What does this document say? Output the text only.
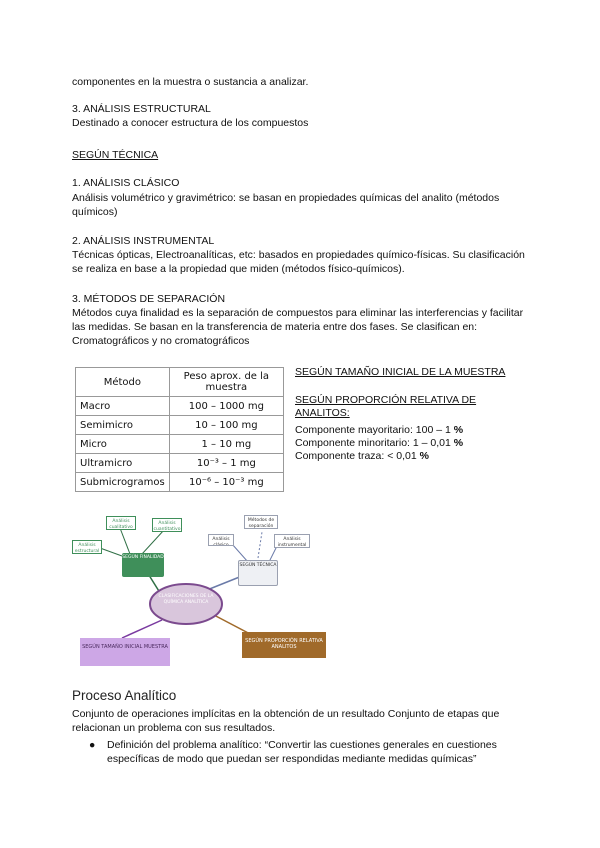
componentes en la muestra o sustancia a analizar.

3. ANÁLISIS ESTRUCTURAL

Destinado a conocer estructura de los compuestos

SEGÚN TÉCNICA

1. ANÁLISIS CLÁSICO

Análisis volumétrico y gravimétrico: se basan en propiedades químicas del analito (métodos químicos)

2. ANÁLISIS INSTRUMENTAL

Técnicas ópticas, Electroanalíticas, etc: basados en propiedades químico-físicas. Su clasificación se realiza en base a la propiedad que miden (métodos físico-químicos).

3. MÉTODOS DE SEPARACIÓN

Métodos cuya finalidad es la separación de compuestos para eliminar las interferencias y facilitar las medidas. Se basan en la transferencia de materia entre dos fases. Se clasifican en: Cromatográficos y no cromatográficos

Método	Peso aprox. de la muestra
Macro	100 – 1000 mg
Semimicro	10 – 100 mg
Micro	1 – 10 mg
Ultramicro	10⁻³ – 1 mg
Submicrogramos	10⁻⁶ – 10⁻³ mg
SEGÚN TAMAÑO INICIAL DE LA MUESTRA
SEGÚN PROPORCIÓN RELATIVA DE
ANALITOS:
Componente mayoritario: 100 – 1 %
Componente minoritario: 1 – 0,01 %
Componente traza: < 0,01 %
CLASIFICACIONES DE LA QUÍMICA ANALÍTICA
SEGÚN FINALIDAD
Análisis cualitativo
Análisis cuantitativo
Análisis estructural
SEGÚN TÉCNICA
Análisis clásico
Métodos de separación
Análisis instrumental
SEGÚN TAMAÑO INICIAL MUESTRA
SEGÚN PROPORCIÓN RELATIVA ANALITOS
Proceso Analítico

Conjunto de operaciones implícitas en la obtención de un resultado Conjunto de etapas que relacionan un problema con sus resultados.

● Definición del problema analítico: “Convertir las cuestiones generales en cuestiones específicas de modo que puedan ser respondidas mediante medidas químicas”
